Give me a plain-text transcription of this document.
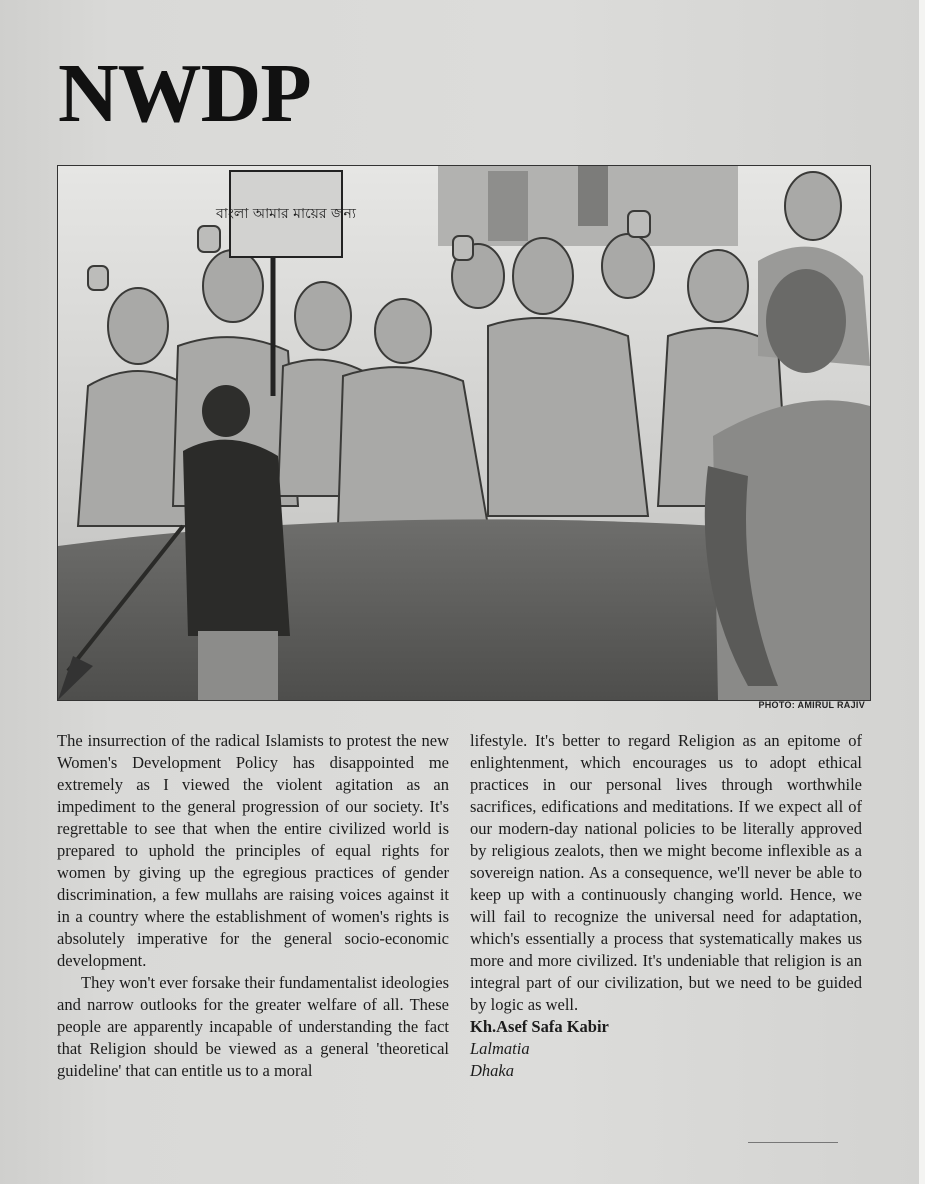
NWDP
বাংলা আমার মায়ের জন্য
PHOTO: AMIRUL RAJIV

The insurrection of the radical Islamists to protest the new Women's Development Policy has disappointed me extremely as I viewed the violent agitation as an impediment to the general progression of our society. It's regrettable to see that when the entire civilized world is prepared to uphold the principles of equal rights for women by giving up the egregious practices of gender discrimination, a few mullahs are raising voices against it in a country where the establishment of women's rights is absolutely imperative for the general socio-economic development.

They won't ever forsake their fundamentalist ideologies and narrow outlooks for the greater welfare of all. These people are apparently incapable of understanding the fact that Religion should be viewed as a general 'theoretical guideline' that can entitle us to a moral

lifestyle. It's better to regard Religion as an epitome of enlightenment, which encourages us to adopt ethical practices in our personal lives through worthwhile sacrifices, edifications and meditations. If we expect all of our modern-day national policies to be literally approved by religious zealots, then we might become inflexible as a sovereign nation. As a consequence, we'll never be able to keep up with a continuously changing world. Hence, we will fail to recognize the universal need for adaptation, which's essentially a process that systematically makes us more and more civilized. It's undeniable that religion is an integral part of our civilization, but we need to be guided by logic as well.

Kh.Asef Safa Kabir

Lalmatia

Dhaka
